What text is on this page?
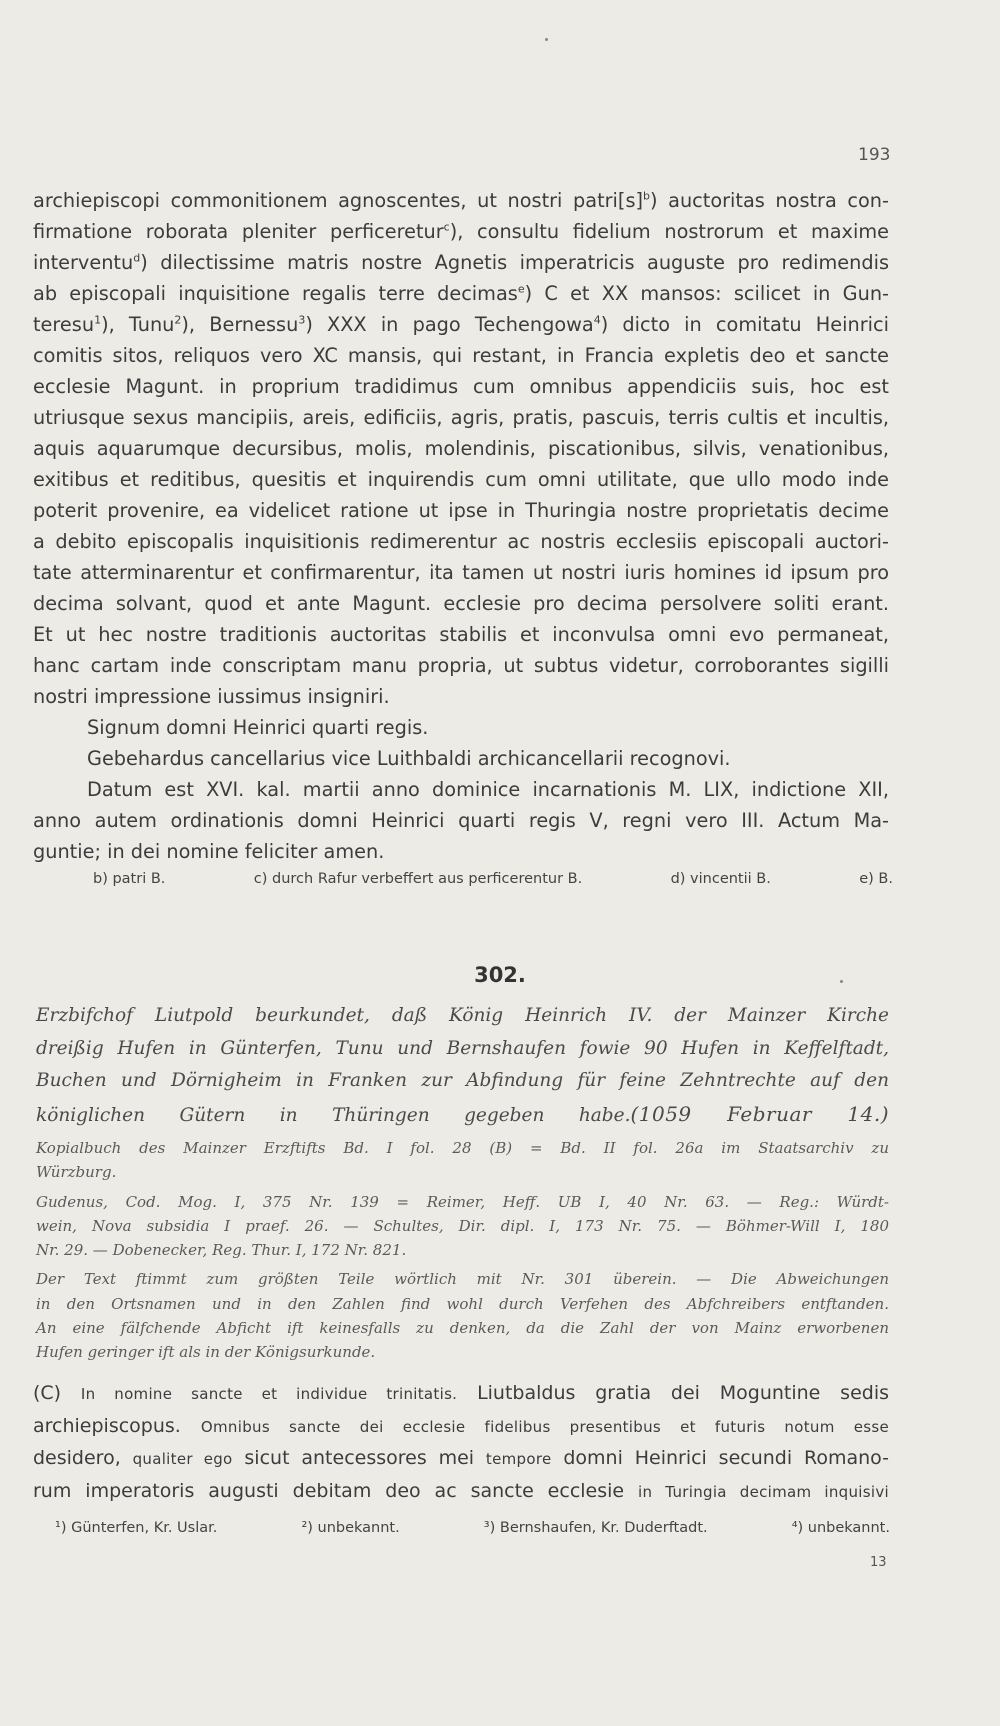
193
archiepiscopi commonitionem agnoscentes, ut nostri $patri[s]^b$) auctoritas nostra con-
firmatione roborata pleniter perficeretur$^c$), consultu fidelium nostrorum et maxime
interventu$^d$) dilectissime matris nostre Agnetis imperatricis auguste pro redimendis
ab episcopali inquisitione regalis terre decimas$^e$) C et XX mansos: scilicet in Gun-
teresu$^1$), Tunu$^2$), Bernessu$^3$) XXX in pago Techengowa$^4$) dicto in comitatu Heinrici
comitis sitos, reliquos vero XC mansis, qui restant, in Francia expletis deo et sancte
ecclesie Magunt. in proprium tradidimus cum omnibus appendiciis suis, hoc est
utriusque sexus mancipiis, areis, edificiis, agris, pratis, pascuis, terris cultis et incultis,
aquis aquarumque decursibus, molis, molendinis, piscationibus, silvis, venationibus,
exitibus et reditibus, quesitis et inquirendis cum omni utilitate, que ullo modo inde
poterit provenire, ea videlicet ratione ut ipse in Thuringia nostre proprietatis decime
a debito episcopalis inquisitionis redimerentur ac nostris ecclesiis episcopali auctori-
tate atterminarentur et confirmarentur, ita tamen ut nostri iuris homines id ipsum pro
decima solvant, quod et ante Magunt. ecclesie pro decima persolvere soliti erant.
Et ut hec nostre traditionis auctoritas stabilis et inconvulsa omni evo permaneat,
hanc cartam inde conscriptam manu propria, ut subtus videtur, corroborantes sigilli
nostri impressione iussimus insigniri.
Signum domni Heinrici quarti regis.
Gebehardus cancellarius vice Luithbaldi archicancellarii recognovi.
Datum est XVI. kal. martii anno dominice incarnationis M. LIX, indictione XII,
anno autem ordinationis domni Heinrici quarti regis V, regni vero III. Actum Ma-
guntie; in dei nomine feliciter amen.
b) patri B.	c) durch Rafur verbeffert aus perficerentur B.	d) vincentii B.	e) B.
302.
Erzbifchof Liutpold beurkundet, daß König Heinrich IV. der Mainzer Kirche
dreißig Hufen in Günterfen, Tunu und Bernshaufen fowie 90 Hufen in Keffelftadt,
Buchen und Dörnigheim in Franken zur Abfindung für feine Zehntrechte auf den
königlichen Gütern in Thüringen gegeben habe.(1059 Februar 14.)
Kopialbuch des Mainzer Erzftifts Bd. I fol. 28 (B) = Bd. II fol. 26a im Staatsarchiv zu
Würzburg.
Gudenus, Cod. Mog. I, 375 Nr. 139 = Reimer, Heff. UB I, 40 Nr. 63. — Reg.: Würdt-
wein, Nova subsidia I praef. 26. — Schultes, Dir. dipl. I, 173 Nr. 75. — Böhmer-Will I, 180
Nr. 29. — Dobenecker, Reg. Thur. I, 172 Nr. 821.
Der Text ftimmt zum größten Teile wörtlich mit Nr. 301 überein. — Die Abweichungen
in den Ortsnamen und in den Zahlen find wohl durch Verfehen des Abfchreibers entftanden.
An eine fälfchende Abficht ift keinesfalls zu denken, da die Zahl der von Mainz erworbenen
Hufen geringer ift als in der Königsurkunde.
(C) In nomine sancte et individue trinitatis. Liutbaldus gratia dei Moguntine sedis
archiepiscopus. Omnibus sancte dei ecclesie fidelibus presentibus et futuris notum esse
desidero, qualiter ego sicut antecessores mei tempore domni Heinrici secundi Romano-
rum imperatoris augusti debitam deo ac sancte ecclesie in Turingia decimam inquisivi
¹) Günterfen, Kr. Uslar.	²) unbekannt.	³) Bernshaufen, Kr. Duderftadt.	⁴) unbekannt.
13
